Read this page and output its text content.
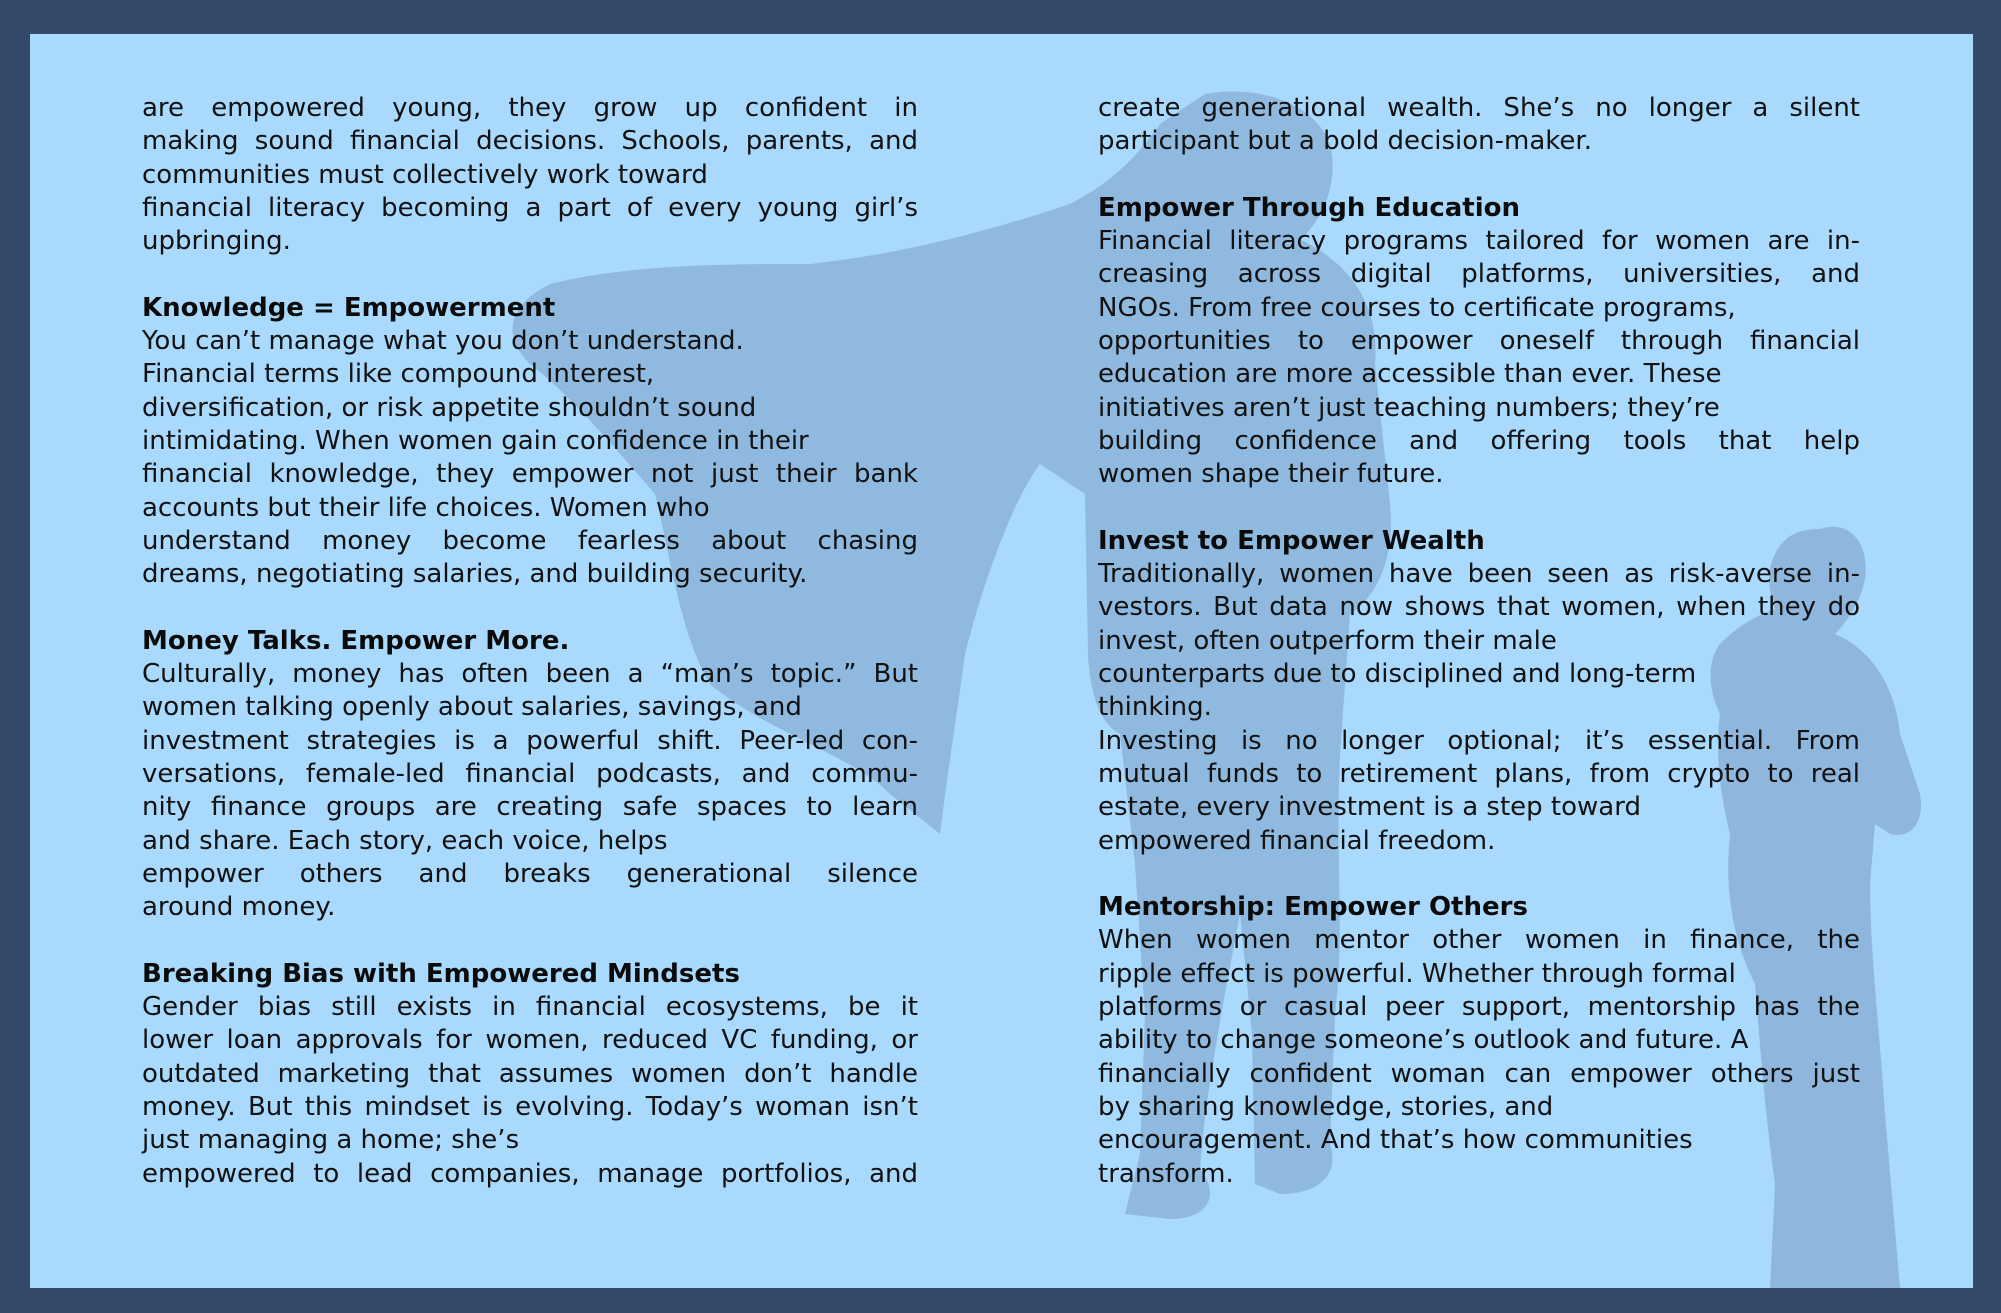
are empowered young, they grow up confident in
making sound financial decisions. Schools, parents, and
communities must collectively work toward
financial literacy becoming a part of every young girl’s
upbringing.

Knowledge = Empowerment

You can’t manage what you don’t understand.
Financial terms like compound interest,
diversification, or risk appetite shouldn’t sound
intimidating. When women gain confidence in their
financial knowledge, they empower not just their bank
accounts but their life choices. Women who
understand money become fearless about chasing
dreams, negotiating salaries, and building security.

Money Talks. Empower More.

Culturally, money has often been a “man’s topic.” But
women talking openly about salaries, savings, and
investment strategies is a powerful shift. Peer-led con-
versations, female-led financial podcasts, and commu-
nity finance groups are creating safe spaces to learn
and share. Each story, each voice, helps
empower others and breaks generational silence
around money.

Breaking Bias with Empowered Mindsets

Gender bias still exists in financial ecosystems, be it
lower loan approvals for women, reduced VC funding, or
outdated marketing that assumes women don’t handle
money. But this mindset is evolving. Today’s woman isn’t
just managing a home; she’s
empowered to lead companies, manage portfolios, and

create generational wealth. She’s no longer a silent
participant but a bold decision-maker.

Empower Through Education

Financial literacy programs tailored for women are in-
creasing across digital platforms, universities, and
NGOs. From free courses to certificate programs,
opportunities to empower oneself through financial
education are more accessible than ever. These
initiatives aren’t just teaching numbers; they’re
building confidence and offering tools that help
women shape their future.

Invest to Empower Wealth

Traditionally, women have been seen as risk-averse in-
vestors. But data now shows that women, when they do
invest, often outperform their male
counterparts due to disciplined and long-term
thinking.
Investing is no longer optional; it’s essential. From
mutual funds to retirement plans, from crypto to real
estate, every investment is a step toward
empowered financial freedom.

Mentorship: Empower Others

When women mentor other women in finance, the
ripple effect is powerful. Whether through formal
platforms or casual peer support, mentorship has the
ability to change someone’s outlook and future. A
financially confident woman can empower others just
by sharing knowledge, stories, and
encouragement. And that’s how communities
transform.
